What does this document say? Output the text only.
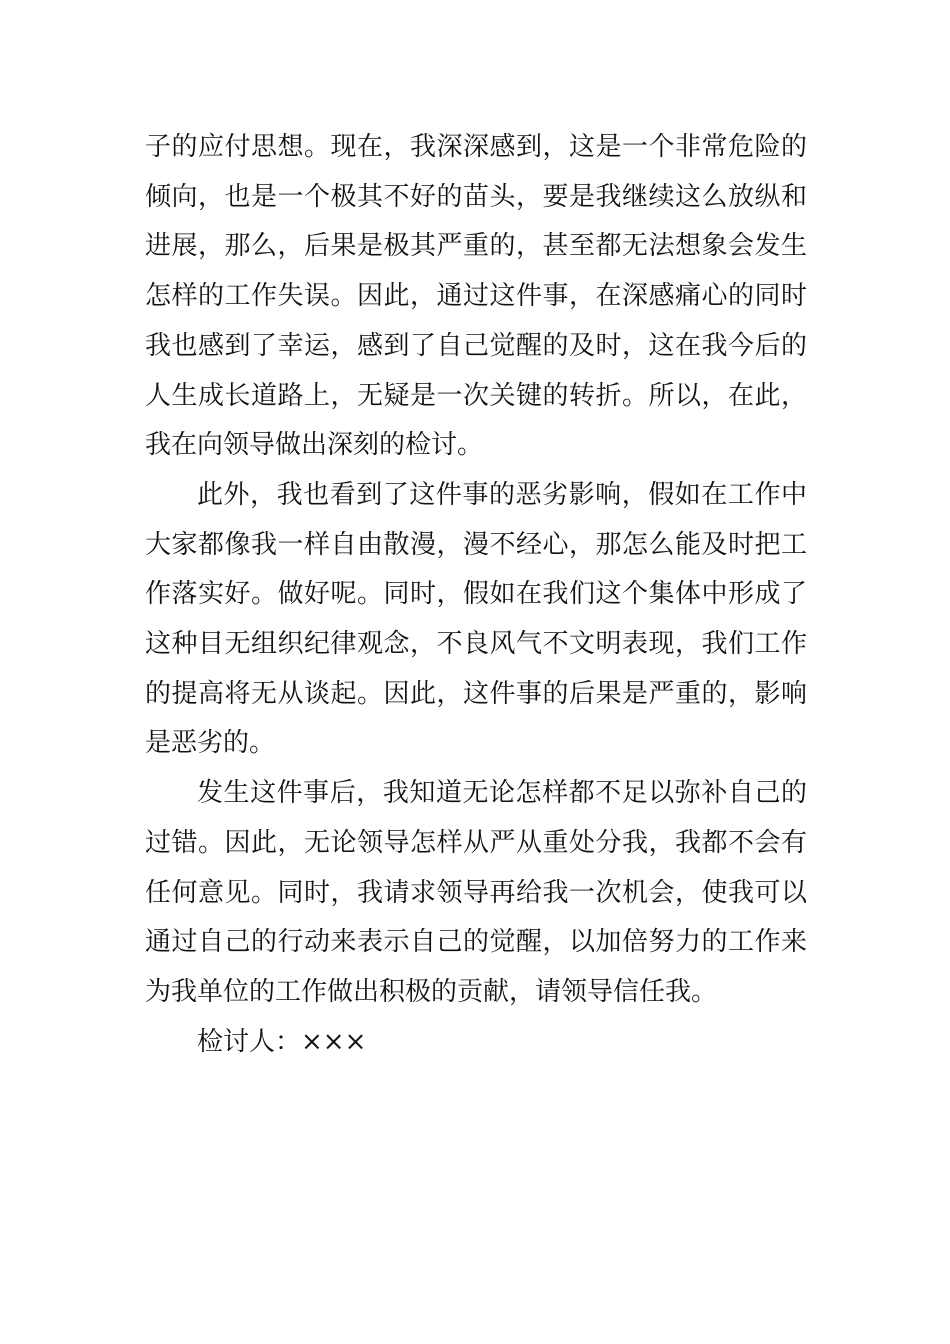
子的应付思想。现在，我深深感到，这是一个非常危险的倾向，也是一个极其不好的苗头，要是我继续这么放纵和进展，那么，后果是极其严重的，甚至都无法想象会发生怎样的工作失误。因此，通过这件事，在深感痛心的同时我也感到了幸运，感到了自己觉醒的及时，这在我今后的人生成长道路上，无疑是一次关键的转折。所以，在此，我在向领导做出深刻的检讨。

此外，我也看到了这件事的恶劣影响，假如在工作中大家都像我一样自由散漫，漫不经心，那怎么能及时把工作落实好。做好呢。同时，假如在我们这个集体中形成了这种目无组织纪律观念，不良风气不文明表现，我们工作的提高将无从谈起。因此，这件事的后果是严重的，影响是恶劣的。

发生这件事后，我知道无论怎样都不足以弥补自己的过错。因此，无论领导怎样从严从重处分我，我都不会有任何意见。同时，我请求领导再给我一次机会，使我可以通过自己的行动来表示自己的觉醒，以加倍努力的工作来为我单位的工作做出积极的贡献，请领导信任我。

检讨人：×××
